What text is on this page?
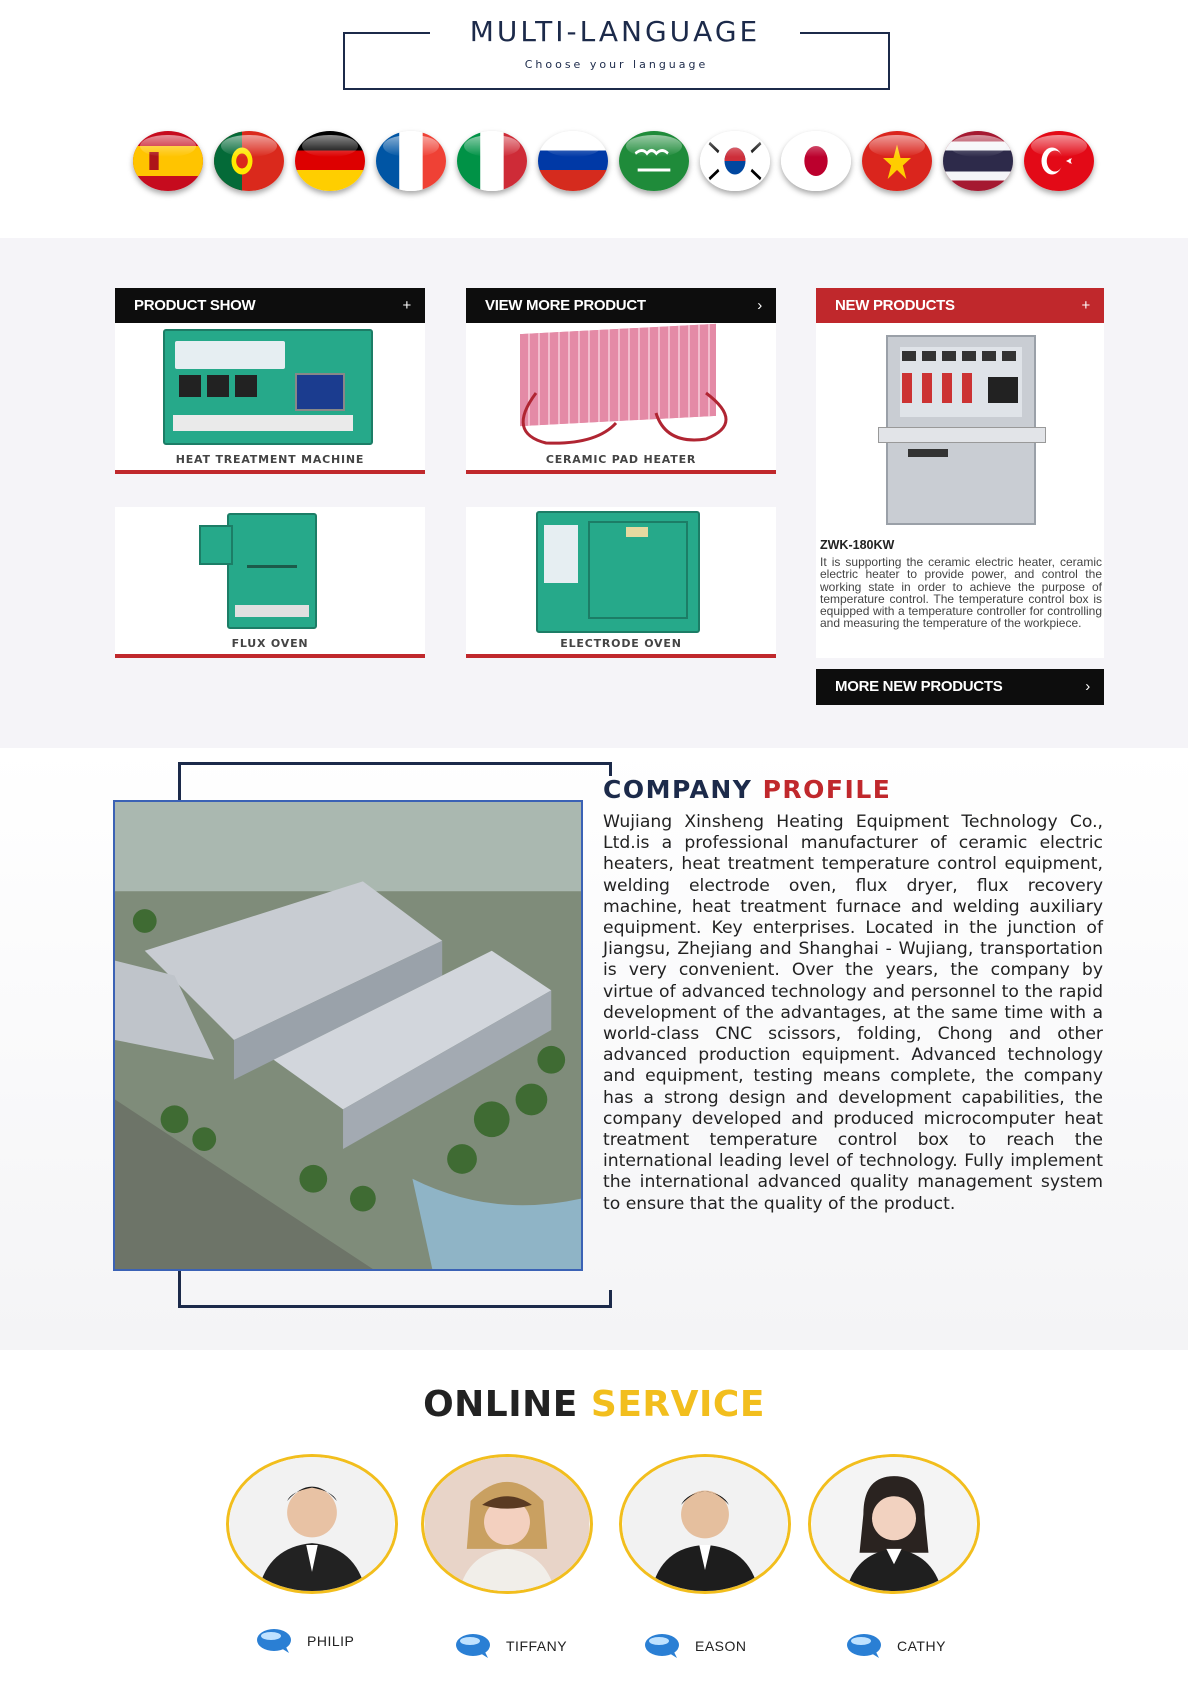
MULTI-LANGUAGE
Choose your language
PRODUCT SHOW	+
HEAT TREATMENT MACHINE
FLUX OVEN
VIEW MORE PRODUCT	›
CERAMIC PAD HEATER
ELECTRODE OVEN
NEW PRODUCTS	+
ZWK-180KW
It is supporting the ceramic electric heater, ceramic electric heater to provide power, and control the working state in order to achieve the purpose of temperature control. The temperature control box is equipped with a temperature controller for controlling and measuring the temperature of the workpiece.
MORE NEW PRODUCTS	›
COMPANY PROFILE
Wujiang Xinsheng Heating Equipment Technology Co., Ltd.is a professional manufacturer of ceramic electric heaters, heat treatment temperature control equipment, welding electrode oven, flux dryer, flux recovery machine, heat treatment furnace and welding auxiliary equipment. Key enterprises. Located in the junction of Jiangsu, Zhejiang and Shanghai - Wujiang, transportation is very convenient. Over the years, the company by virtue of advanced technology and personnel to the rapid development of the advantages, at the same time with a world-class CNC scissors, folding, Chong and other advanced production equipment. Advanced technology and equipment, testing means complete, the company has a strong design and development capabilities, the company developed and produced microcomputer heat treatment temperature control box to reach the international leading level of technology. Fully implement the international advanced quality management system to ensure that the quality of the product.
ONLINE SERVICE
PHILIP	TIFFANY	EASON	CATHY
